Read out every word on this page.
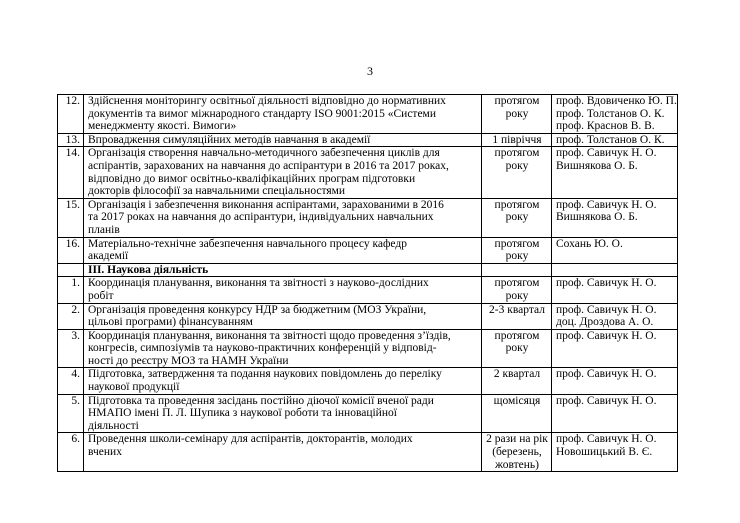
3
12.	Здійснення моніторингу освітньої діяльності відповідно до нормативних
документів та вимог міжнародного стандарту ISO 9001:2015 «Системи
менеджменту якості. Вимоги»	протягом
року	проф. Вдовиченко Ю. П.
проф. Толстанов О. К.
проф. Краснов В. В.

13.	Впровадження симуляційних методів навчання в академії	1 півріччя	проф. Толстанов О. К.

14.	Організація створення навчально-методичного забезпечення циклів для
аспірантів, зарахованих на навчання до аспірантури в 2016 та 2017 роках,
відповідно до вимог освітньо-кваліфікаційних програм підготовки
докторів філософії за навчальними спеціальностями	протягом
року	проф. Савичук Н. О.
Вишнякова О. Б.

15.	Організація і забезпечення виконання аспірантами, зарахованими в 2016
та 2017 роках на навчання до аспірантури, індивідуальних навчальних
планів	протягом
року	проф. Савичук Н. О.
Вишнякова О. Б.

16.	Матеріально-технічне забезпечення навчального процесу кафедр
академії	протягом
року	Сохань Ю. О.

	ІІІ. Наукова діяльність		

1.	Координація планування, виконання та звітності з науково-дослідних
робіт	протягом
року	проф. Савичук Н. О.

2.	Організація проведення конкурсу НДР за бюджетним (МОЗ України,
цільові програми) фінансуванням	2-3 квартал	проф. Савичук Н. О.
доц. Дроздова А. О.

3.	Координація планування, виконання та звітності щодо проведення з’їздів,
конгресів, симпозіумів та науково-практичних конференцій у відповід-
ності до реєстру МОЗ та НАМН України	протягом
року	проф. Савичук Н. О.

4.	Підготовка, затвердження та подання наукових повідомлень до переліку
наукової продукції	2 квартал	проф. Савичук Н. О.

5.	Підготовка та проведення засідань постійно діючої комісії вченої ради
НМАПО імені П. Л. Шупика з наукової роботи та інноваційної
діяльності	щомісяця	проф. Савичук Н. О.

6.	Проведення школи-семінару для аспірантів, докторантів, молодих
вчених	2 рази на рік
(березень,
жовтень)	проф. Савичук Н. О.
Новошицький В. Є.
